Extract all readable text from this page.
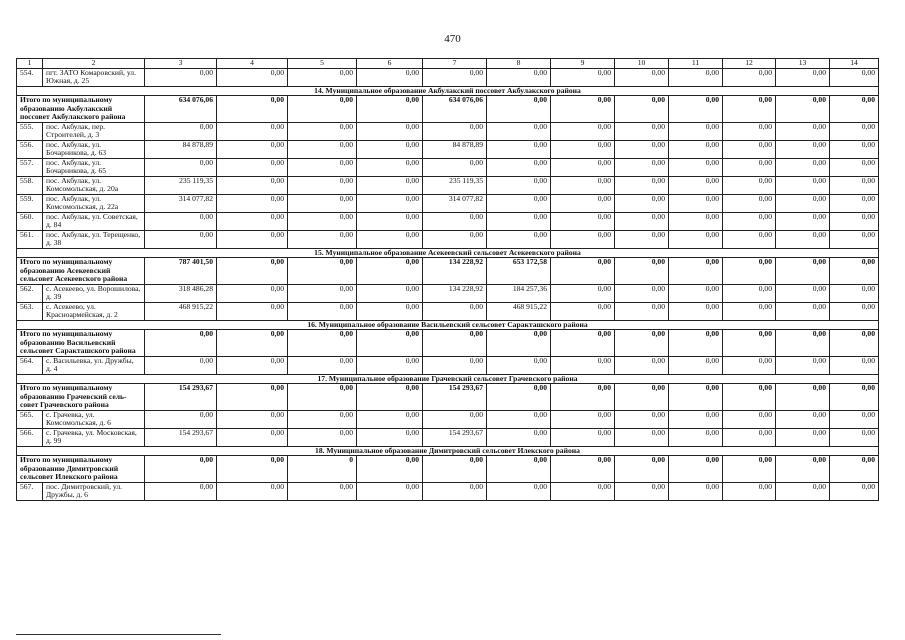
470
1	2	3	4	5	6	7	8	9	10	11	12	13	14
554.	пгт. ЗАТО Комаровский, ул. Южная, д. 25	0,00	0,00	0,00	0,00	0,00	0,00	0,00	0,00	0,00	0,00	0,00	0,00
14. Муниципальное образование Акбулакский поссовет Акбулакского района													
Итого по муниципальному образованию Акбулакский поссовет Акбулакского района		634 076,06	0,00	0,00	0,00	634 076,06	0,00	0,00	0,00	0,00	0,00	0,00	0,00
555.	пос. Акбулак, пер. Строителей, д. 3	0,00	0,00	0,00	0,00	0,00	0,00	0,00	0,00	0,00	0,00	0,00	0,00
556.	пос. Акбулак, ул. Бочарникова, д. 63	84 878,89	0,00	0,00	0,00	84 878,89	0,00	0,00	0,00	0,00	0,00	0,00	0,00
557.	пос. Акбулак, ул. Бочарникова, д. 65	0,00	0,00	0,00	0,00	0,00	0,00	0,00	0,00	0,00	0,00	0,00	0,00
558.	пос. Акбулак, ул. Комсомольская, д. 20а	235 119,35	0,00	0,00	0,00	235 119,35	0,00	0,00	0,00	0,00	0,00	0,00	0,00
559.	пос. Акбулак, ул. Комсомольская, д. 22а	314 077,82	0,00	0,00	0,00	314 077,82	0,00	0,00	0,00	0,00	0,00	0,00	0,00
560.	пос. Акбулак, ул. Советская, д. 84	0,00	0,00	0,00	0,00	0,00	0,00	0,00	0,00	0,00	0,00	0,00	0,00
561.	пос. Акбулак, ул. Терещенко, д. 38	0,00	0,00	0,00	0,00	0,00	0,00	0,00	0,00	0,00	0,00	0,00	0,00
15. Муниципальное образование Асекеевский сельсовет Асекеевского района													
Итого по муниципальному образованию Асекеевский сельсовет Асекеевского района		787 401,50	0,00	0,00	0,00	134 228,92	653 172,58	0,00	0,00	0,00	0,00	0,00	0,00
562.	с. Асекеево, ул. Ворошилова, д. 39	318 486,28	0,00	0,00	0,00	134 228,92	184 257,36	0,00	0,00	0,00	0,00	0,00	0,00
563.	с. Асекеево, ул. Красноармейская, д. 2	468 915,22	0,00	0,00	0,00	0,00	468 915,22	0,00	0,00	0,00	0,00	0,00	0,00
16. Муниципальное образование Васильевский сельсовет Саракташского района													
Итого по муниципальному образованию Васильевский сельсовет Саракташского района		0,00	0,00	0,00	0,00	0,00	0,00	0,00	0,00	0,00	0,00	0,00	0,00
564.	с. Васильевка, ул. Дружбы, д. 4	0,00	0,00	0,00	0,00	0,00	0,00	0,00	0,00	0,00	0,00	0,00	0,00
17. Муниципальное образование Грачевский сельсовет Грачевского района													
Итого по муниципальному образованию Грачевский сель-совет Грачевского района		154 293,67	0,00	0,00	0,00	154 293,67	0,00	0,00	0,00	0,00	0,00	0,00	0,00
565.	с. Грачевка, ул. Комсомольская, д. 6	0,00	0,00	0,00	0,00	0,00	0,00	0,00	0,00	0,00	0,00	0,00	0,00
566.	с. Грачевка, ул. Московская, д. 99	154 293,67	0,00	0,00	0,00	154 293,67	0,00	0,00	0,00	0,00	0,00	0,00	0,00
18. Муниципальное образование Димитровский сельсовет Илекского района													
Итого по муниципальному образованию Димитровский сельсовет Илекского района		0,00	0,00	0	0,00	0,00	0,00	0,00	0,00	0,00	0,00	0,00	0,00
567.	пос. Димитровский, ул. Дружбы, д. 6	0,00	0,00	0,00	0,00	0,00	0,00	0,00	0,00	0,00	0,00	0,00	0,00
